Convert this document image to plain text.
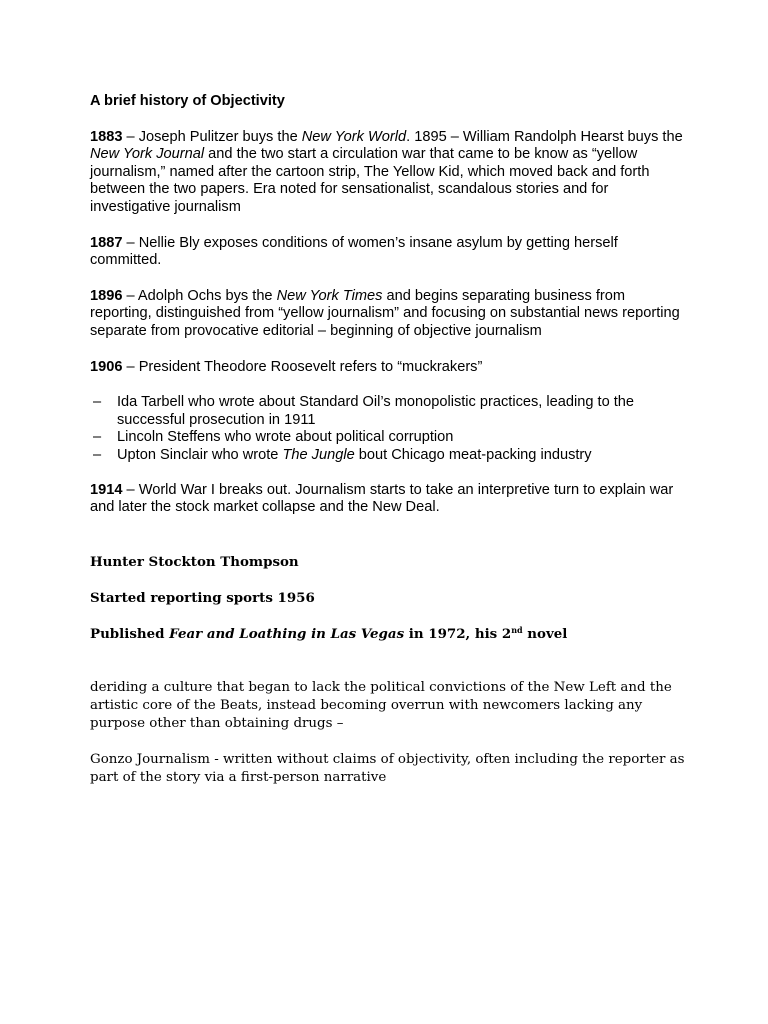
A brief history of Objectivity
1883 – Joseph Pulitzer buys the New York World. 1895 – William Randolph Hearst buys the New York Journal and the two start a circulation war that came to be know as “yellow journalism,” named after the cartoon strip, The Yellow Kid, which moved back and forth between the two papers. Era noted for sensationalist, scandalous stories and for investigative journalism
1887 – Nellie Bly exposes conditions of women’s insane asylum by getting herself committed.
1896 – Adolph Ochs bys the New York Times and begins separating business from reporting, distinguished from “yellow journalism” and focusing on substantial news reporting separate from provocative editorial – beginning of objective journalism
1906 – President Theodore Roosevelt refers to “muckrakers”
– Ida Tarbell who wrote about Standard Oil’s monopolistic practices, leading to the successful prosecution in 1911
– Lincoln Steffens who wrote about political corruption
– Upton Sinclair who wrote The Jungle bout Chicago meat-packing industry
1914 – World War I breaks out. Journalism starts to take an interpretive turn to explain war and later the stock market collapse and the New Deal.

Hunter Stockton Thompson

Started reporting sports 1956

Published Fear and Loathing in Las Vegas in 1972, his 2nd novel

deriding a culture that began to lack the political convictions of the New Left and the artistic core of the Beats, instead becoming overrun with newcomers lacking any purpose other than obtaining drugs –

Gonzo Journalism - written without claims of objectivity, often including the reporter as part of the story via a first-person narrative
